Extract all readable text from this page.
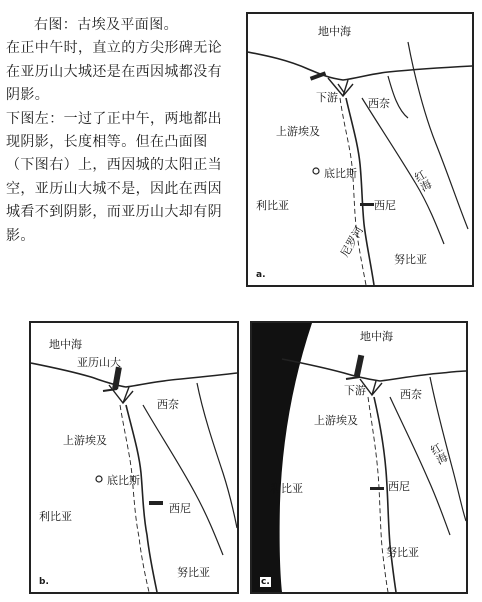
右图：古埃及平面图。

在正中午时，直立的方尖形碑无论在亚历山大城还是在西因城都没有阴影。

下图左：一过了正中午，两地都出现阴影，长度相等。但在凸面图（下图右）上，西因城的太阳正当空，亚历山大城不是，因此在西因城看不到阴影，而亚历山大却有阴影。

地中海
下游	西奈
上游埃及
红海
底比斯
利比亚	西尼
尼罗河
努比亚
a.
地中海
亚历山大
西奈
上游埃及
底比斯
利比亚
西尼
努比亚
b.
地中海
下游	西奈
上游埃及
红海
利比亚	西尼
努比亚
c.
